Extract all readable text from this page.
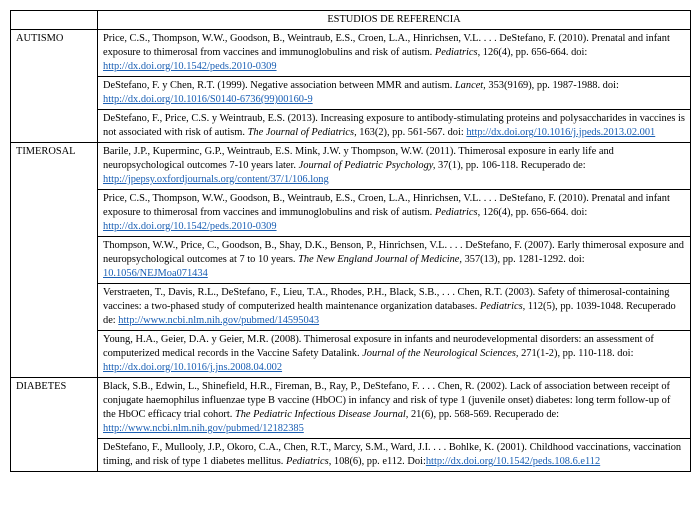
	ESTUDIOS DE REFERENCIA
AUTISMO	Price, C.S., Thompson, W.W., Goodson, B., Weintraub, E.S., Croen, L.A., Hinrichsen, V.L. . . . DeStefano, F. (2010). Prenatal and infant exposure to thimerosal from vaccines and immunoglobulins and risk of autism. Pediatrics, 126(4), pp. 656-664. doi: http://dx.doi.org/10.1542/peds.2010-0309
	DeStefano, F. y Chen, R.T. (1999). Negative association between MMR and autism. Lancet, 353(9169), pp. 1987-1988. doi: http://dx.doi.org/10.1016/S0140-6736(99)00160-9
	DeStefano, F., Price, C.S. y Weintraub, E.S. (2013). Increasing exposure to antibody-stimulating proteins and polysaccharides in vaccines is not associated with risk of autism. The Journal of Pediatrics, 163(2), pp. 561-567. doi: http://dx.doi.org/10.1016/j.jpeds.2013.02.001
TIMEROSAL	Barile, J.P., Kuperminc, G.P., Weintraub, E.S. Mink, J.W. y Thompson, W.W. (2011). Thimerosal exposure in early life and neuropsychological outcomes 7-10 years later. Journal of Pediatric Psychology, 37(1), pp. 106-118. Recuperado de: http://jpepsy.oxfordjournals.org/content/37/1/106.long
	Price, C.S., Thompson, W.W., Goodson, B., Weintraub, E.S., Croen, L.A., Hinrichsen, V.L. . . . DeStefano, F. (2010). Prenatal and infant exposure to thimerosal from vaccines and immunoglobulins and risk of autism. Pediatrics, 126(4), pp. 656-664. doi: http://dx.doi.org/10.1542/peds.2010-0309
	Thompson, W.W., Price, C., Goodson, B., Shay, D.K., Benson, P., Hinrichsen, V.L. . . . DeStefano, F. (2007). Early thimerosal exposure and neuropsychological outcomes at 7 to 10 years. The New England Journal of Medicine, 357(13), pp. 1281-1292. doi: 10.1056/NEJMoa071434
	Verstraeten, T., Davis, R.L., DeStefano, F., Lieu, T.A., Rhodes, P.H., Black, S.B., . . . Chen, R.T. (2003). Safety of thimerosal-containing vaccines: a two-phased study of computerized health maintenance organization databases. Pediatrics, 112(5), pp. 1039-1048. Recuperado de: http://www.ncbi.nlm.nih.gov/pubmed/14595043
	Young, H.A., Geier, D.A. y Geier, M.R. (2008). Thimerosal exposure in infants and neurodevelopmental disorders: an assessment of computerized medical records in the Vaccine Safety Datalink. Journal of the Neurological Sciences, 271(1-2), pp. 110-118. doi: http://dx.doi.org/10.1016/j.jns.2008.04.002
DIABETES	Black, S.B., Edwin, L., Shinefield, H.R., Fireman, B., Ray, P., DeStefano, F. . . . Chen, R. (2002). Lack of association between receipt of conjugate haemophilus influenzae type B vaccine (HbOC) in infancy and risk of type 1 (juvenile onset) diabetes: long term follow-up of the HbOC efficacy trial cohort. The Pediatric Infectious Disease Journal, 21(6), pp. 568-569. Recuperado de: http://www.ncbi.nlm.nih.gov/pubmed/12182385
	DeStefano, F., Mullooly, J.P., Okoro, C.A., Chen, R.T., Marcy, S.M., Ward, J.I. . . . Bohlke, K. (2001). Childhood vaccinations, vaccination timing, and risk of type 1 diabetes mellitus. Pediatrics, 108(6), pp. e112. Doi:http://dx.doi.org/10.1542/peds.108.6.e112
